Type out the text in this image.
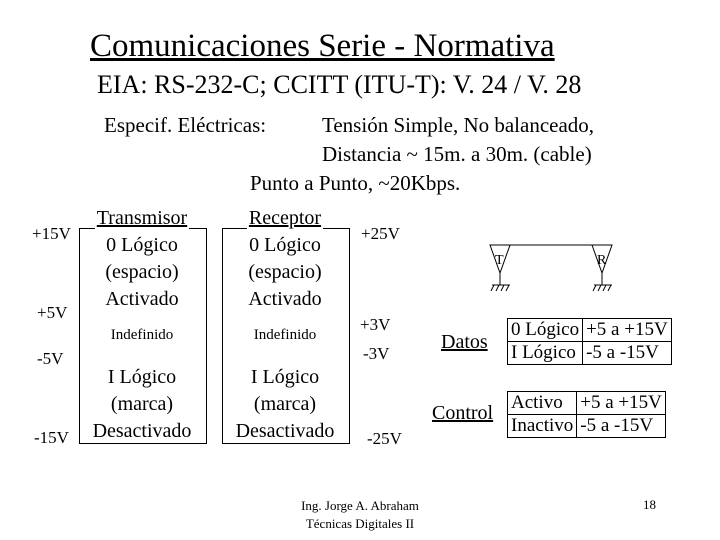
Comunicaciones Serie - Normativa
EIA: RS-232-C; CCITT (ITU-T): V. 24 / V. 28
Especif. Eléctricas:	Tensión Simple, No balanceado,
Distancia ~ 15m. a 30m. (cable)
Punto a Punto, ~20Kbps.
+15V
+5V
-5V
-15V
Transmisor
0 Lógico
(espacio)
Activado
Indefinido
I Lógico
(marca)
Desactivado
Receptor
0 Lógico
(espacio)
Activado
Indefinido
I Lógico
(marca)
Desactivado
+25V
+3V
-3V
-25V
T	R
Datos
0 Lógico	+5 a +15V
I Lógico	-5 a -15V
Control Activo	+5 a +15V
Inactivo	-5 a -15V
Ing. Jorge A. Abraham
Técnicas Digitales II
18
